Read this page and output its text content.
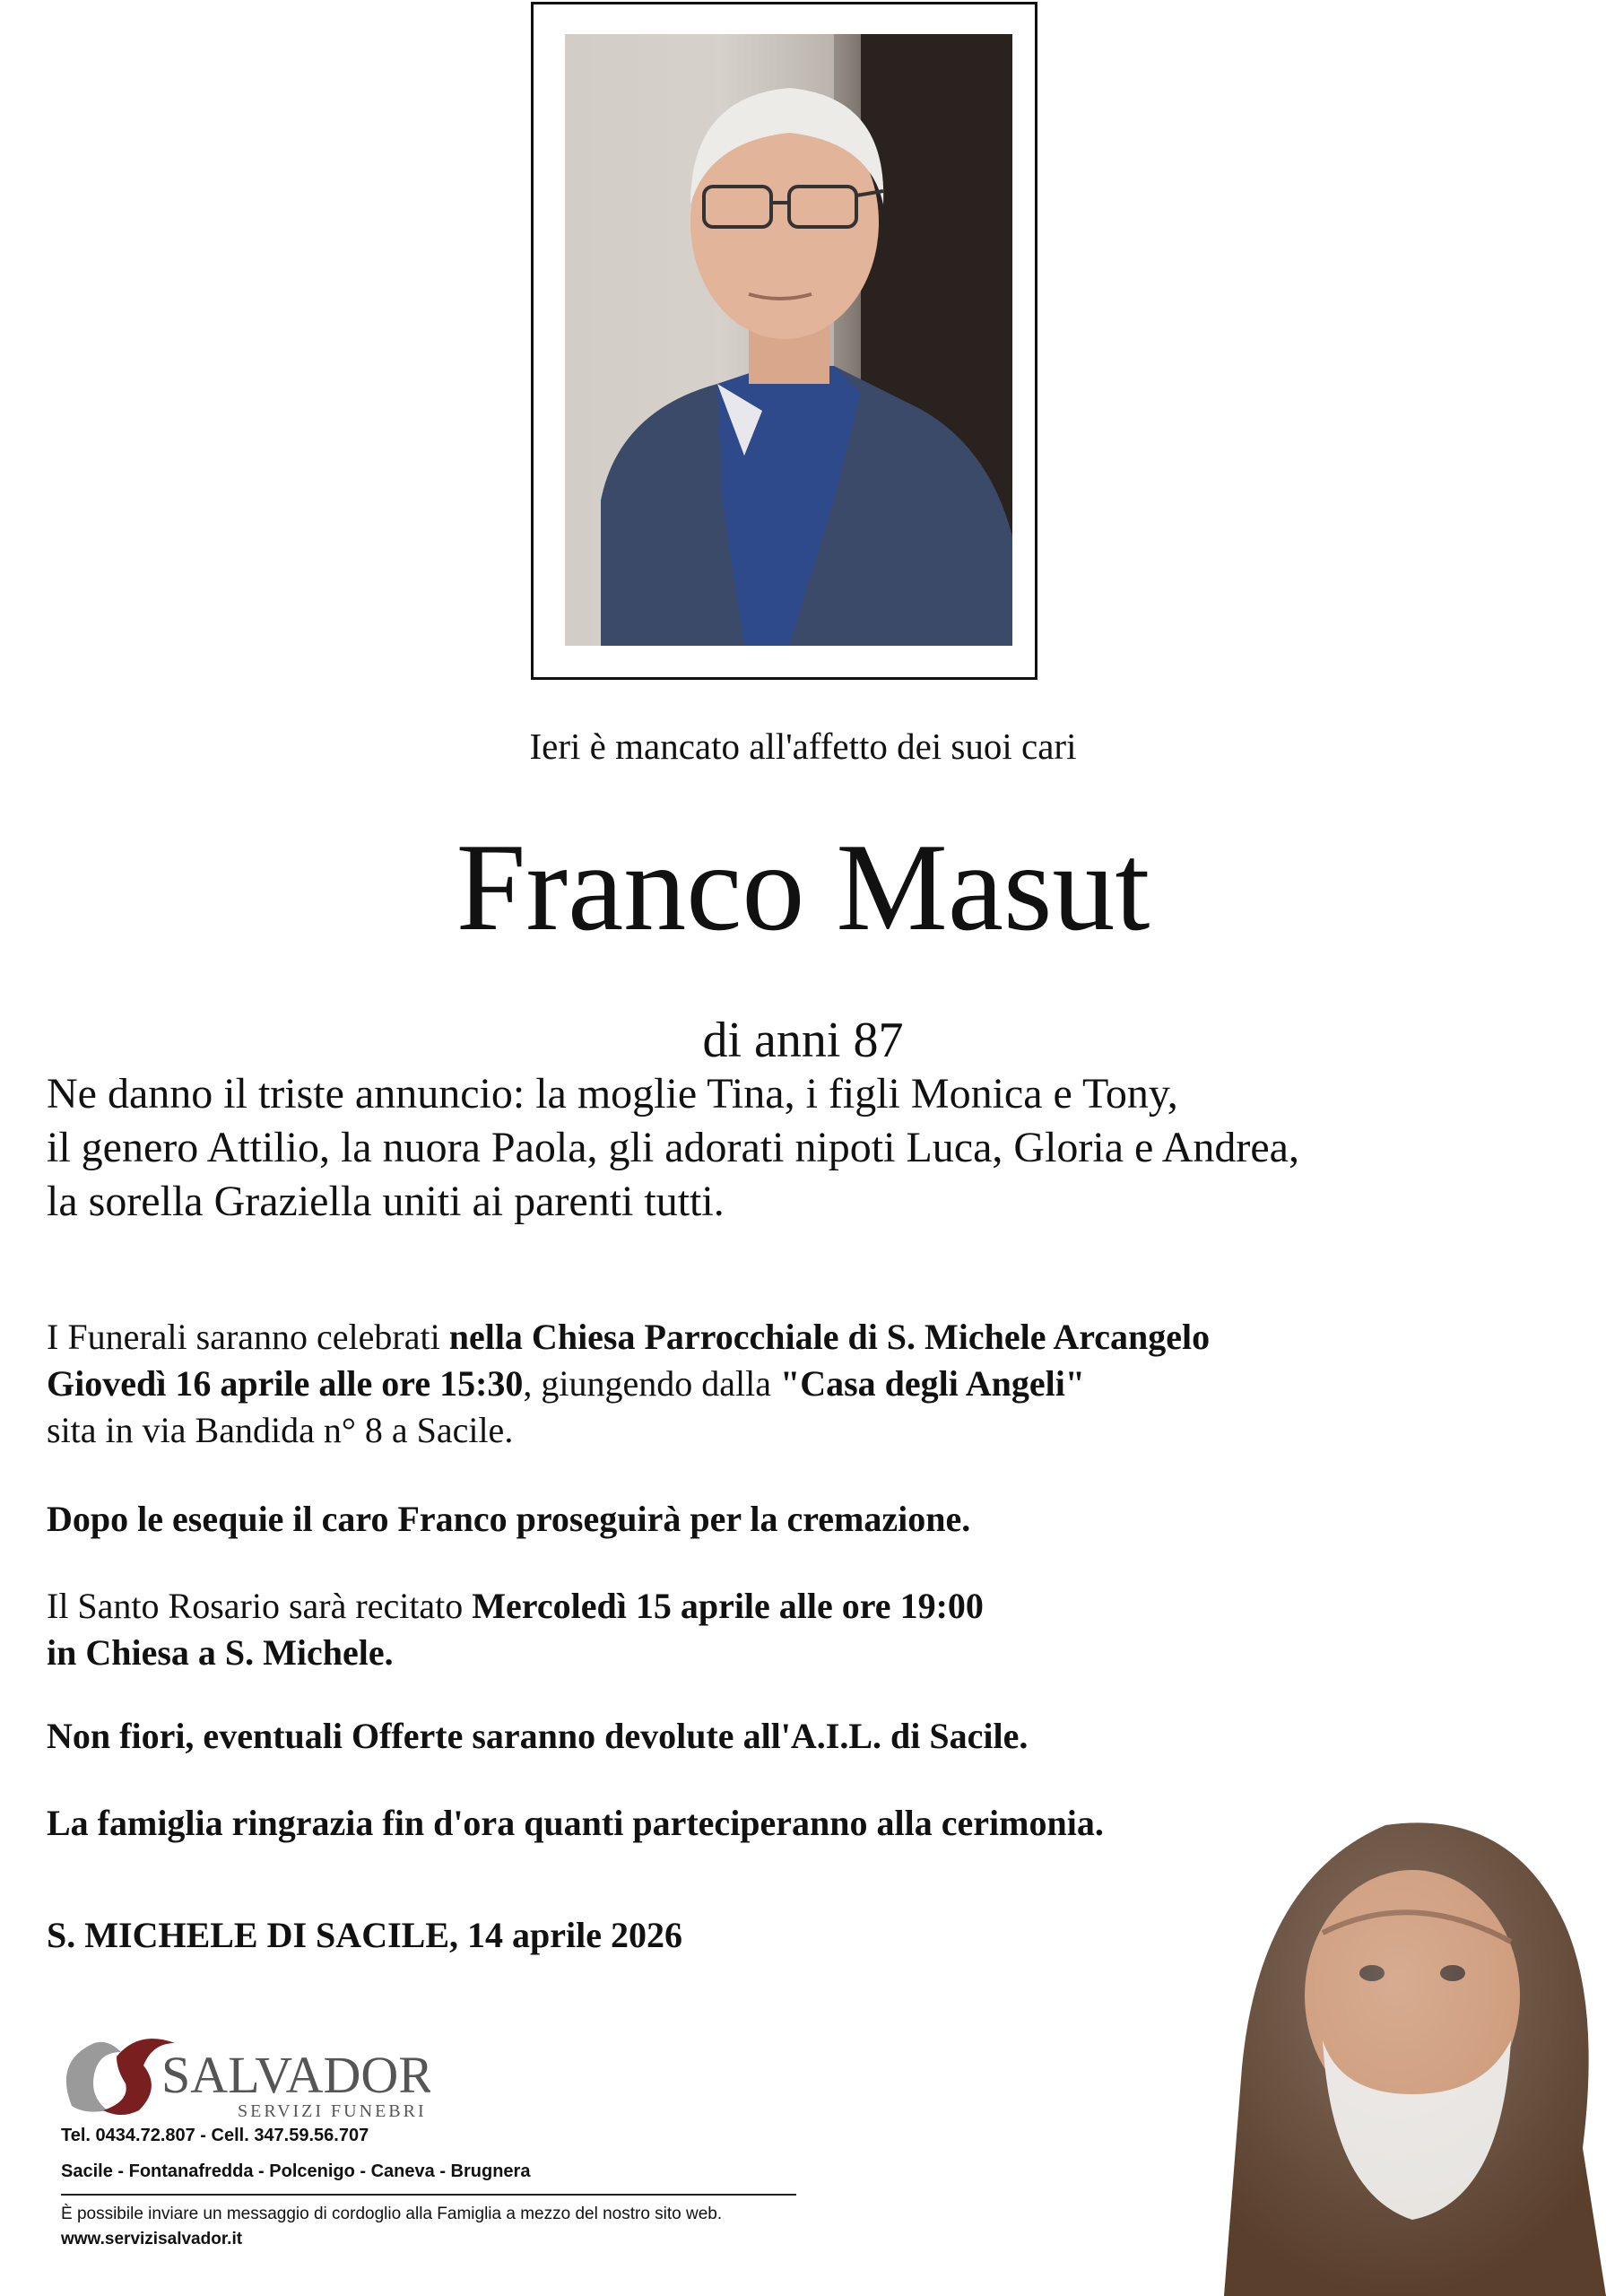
Ieri è mancato all'affetto dei suoi cari
Franco Masut
di anni 87
Ne danno il triste annuncio: la moglie Tina, i figli Monica e Tony,
il genero Attilio, la nuora Paola, gli adorati nipoti Luca, Gloria e Andrea,
la sorella Graziella uniti ai parenti tutti.
I Funerali saranno celebrati nella Chiesa Parrocchiale di S. Michele Arcangelo
Giovedì 16 aprile alle ore 15:30, giungendo dalla "Casa degli Angeli"
sita in via Bandida n° 8 a Sacile.
Dopo le esequie il caro Franco proseguirà per la cremazione.
Il Santo Rosario sarà recitato Mercoledì 15 aprile alle ore 19:00
in Chiesa a S. Michele.
Non fiori, eventuali Offerte saranno devolute all'A.I.L. di Sacile.
La famiglia ringrazia fin d'ora quanti parteciperanno alla cerimonia.
S. MICHELE DI SACILE, 14 aprile 2026
SALVADOR
SERVIZI FUNEBRI
Tel. 0434.72.807 - Cell. 347.59.56.707
Sacile - Fontanafredda - Polcenigo - Caneva - Brugnera
È possibile inviare un messaggio di cordoglio alla Famiglia a mezzo del nostro sito web.
www.servizisalvador.it
